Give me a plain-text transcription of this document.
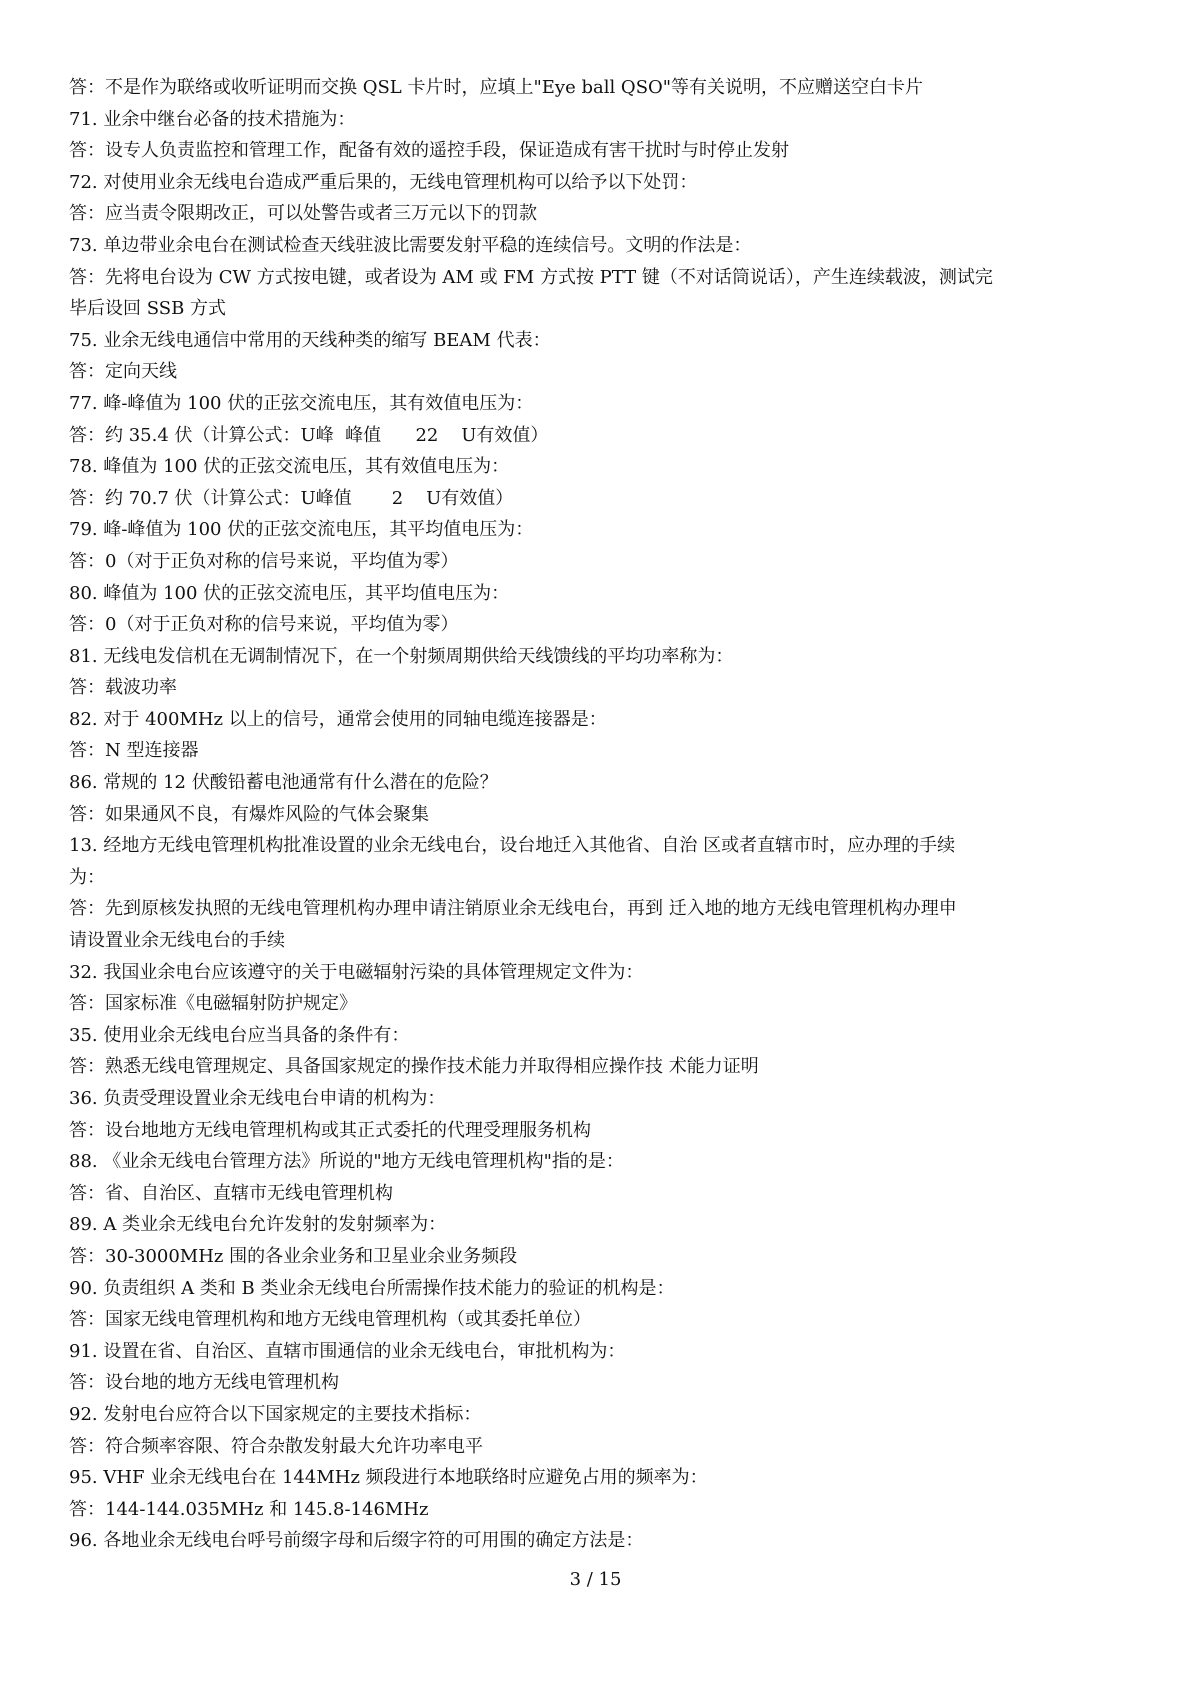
答：不是作为联络或收听证明而交换 QSL 卡片时，应填上"Eye ball QSO"等有关说明，不应赠送空白卡片

71. 业余中继台必备的技术措施为：

答：设专人负责监控和管理工作，配备有效的遥控手段，保证造成有害干扰时与时停止发射

72. 对使用业余无线电台造成严重后果的，无线电管理机构可以给予以下处罚：

答：应当责令限期改正，可以处警告或者三万元以下的罚款

73. 单边带业余电台在测试检查天线驻波比需要发射平稳的连续信号。文明的作法是：

答：先将电台设为 CW 方式按电键，或者设为 AM 或 FM 方式按 PTT 键（不对话筒说话），产生连续载波，测试完

毕后设回 SSB 方式

75. 业余无线电通信中常用的天线种类的缩写 BEAM 代表：

答：定向天线

77. 峰-峰值为 100 伏的正弦交流电压，其有效值电压为：

答：约 35.4 伏（计算公式：U峰  峰值      22    U有效值）

78. 峰值为 100 伏的正弦交流电压，其有效值电压为：

答：约 70.7 伏（计算公式：U峰值       2    U有效值）

79. 峰-峰值为 100 伏的正弦交流电压，其平均值电压为：

答：0（对于正负对称的信号来说，平均值为零）

80. 峰值为 100 伏的正弦交流电压，其平均值电压为：

答：0（对于正负对称的信号来说，平均值为零）

81. 无线电发信机在无调制情况下，在一个射频周期供给天线馈线的平均功率称为：

答：载波功率

82. 对于 400MHz 以上的信号，通常会使用的同轴电缆连接器是：

答：N 型连接器

86. 常规的 12 伏酸铅蓄电池通常有什么潜在的危险？

答：如果通风不良，有爆炸风险的气体会聚集

13. 经地方无线电管理机构批准设置的业余无线电台，设台地迁入其他省、自治 区或者直辖市时，应办理的手续

为：

答：先到原核发执照的无线电管理机构办理申请注销原业余无线电台，再到 迁入地的地方无线电管理机构办理申

请设置业余无线电台的手续

32. 我国业余电台应该遵守的关于电磁辐射污染的具体管理规定文件为：

答：国家标准《电磁辐射防护规定》

35. 使用业余无线电台应当具备的条件有：

答：熟悉无线电管理规定、具备国家规定的操作技术能力并取得相应操作技 术能力证明

36. 负责受理设置业余无线电台申请的机构为：

答：设台地地方无线电管理机构或其正式委托的代理受理服务机构

88. 《业余无线电台管理方法》所说的"地方无线电管理机构"指的是：

答：省、自治区、直辖市无线电管理机构

89. A 类业余无线电台允许发射的发射频率为：

答：30-3000MHz 围的各业余业务和卫星业余业务频段

90. 负责组织 A 类和 B 类业余无线电台所需操作技术能力的验证的机构是：

答：国家无线电管理机构和地方无线电管理机构（或其委托单位）

91. 设置在省、自治区、直辖市围通信的业余无线电台，审批机构为：

答：设台地的地方无线电管理机构

92. 发射电台应符合以下国家规定的主要技术指标：

答：符合频率容限、符合杂散发射最大允许功率电平

95. VHF 业余无线电台在 144MHz 频段进行本地联络时应避免占用的频率为：

答：144-144.035MHz 和 145.8-146MHz

96. 各地业余无线电台呼号前缀字母和后缀字符的可用围的确定方法是：

3 / 15
